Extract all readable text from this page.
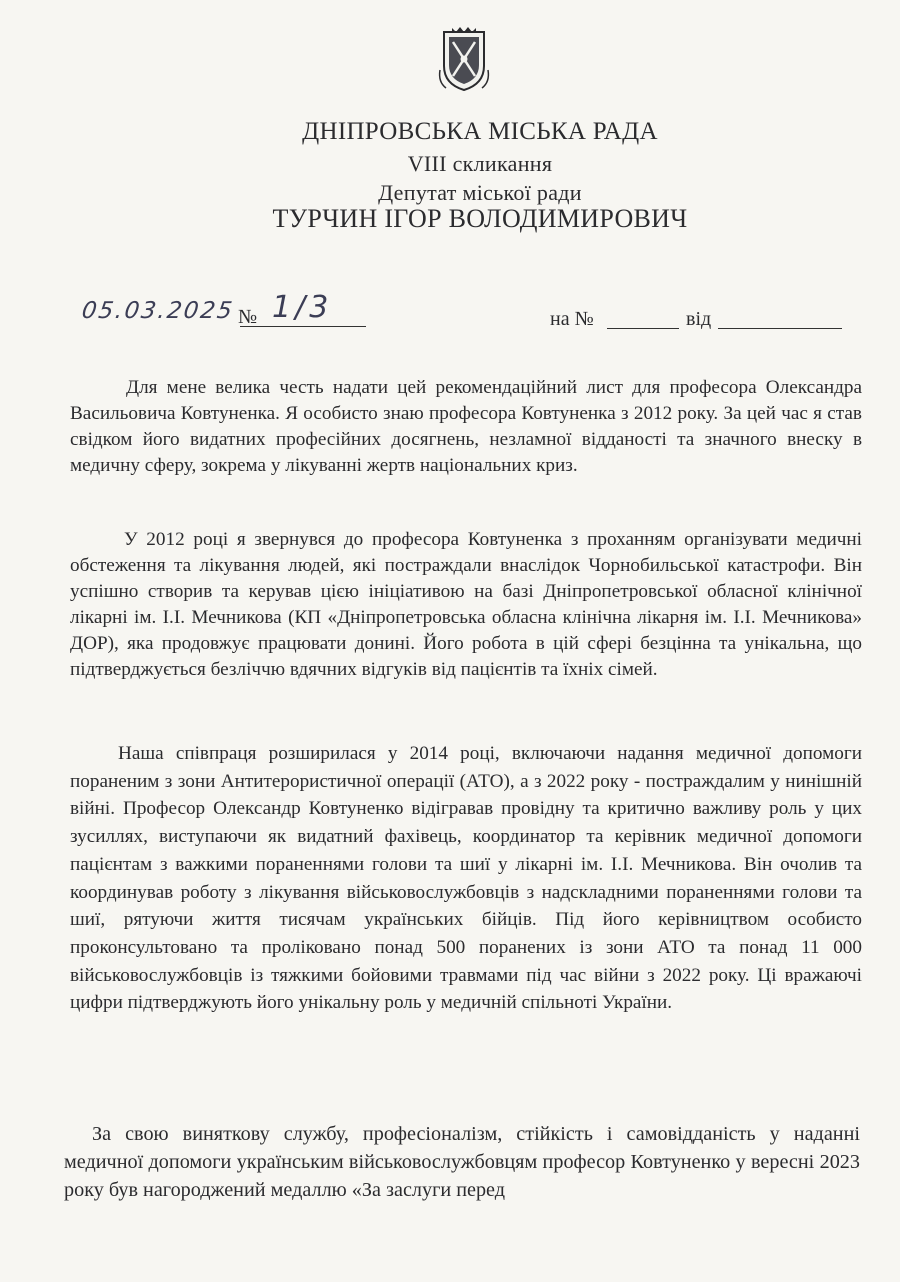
ДНІПРОВСЬКА МІСЬКА РАДА
VIII скликання
Депутат міської ради
ТУРЧИН ІГОР ВОЛОДИМИРОВИЧ
05.03.2025 № 1/3	на №	від

Для мене велика честь надати цей рекомендаційний лист для професора Олександра Васильовича Ковтуненка. Я особисто знаю професора Ковтуненка з 2012 року. За цей час я став свідком його видатних професійних досягнень, незламної відданості та значного внеску в медичну сферу, зокрема у лікуванні жертв національних криз.

У 2012 році я звернувся до професора Ковтуненка з проханням організувати медичні обстеження та лікування людей, які постраждали внаслідок Чорнобильської катастрофи. Він успішно створив та керував цією ініціативою на базі Дніпропетровської обласної клінічної лікарні ім. І.І. Мечникова (КП «Дніпропетровська обласна клінічна лікарня ім. І.І. Мечникова» ДОР), яка продовжує працювати донині. Його робота в цій сфері безцінна та унікальна, що підтверджується безліччю вдячних відгуків від пацієнтів та їхніх сімей.

Наша співпраця розширилася у 2014 році, включаючи надання медичної допомоги пораненим з зони Антитерористичної операції (АТО), а з 2022 року - постраждалим у нинішній війні. Професор Олександр Ковтуненко відігравав провідну та критично важливу роль у цих зусиллях, виступаючи як видатний фахівець, координатор та керівник медичної допомоги пацієнтам з важкими пораненнями голови та шиї у лікарні ім. І.І. Мечникова. Він очолив та координував роботу з лікування військовослужбовців з надскладними пораненнями голови та шиї, рятуючи життя тисячам українських бійців. Під його керівництвом особисто проконсультовано та проліковано понад 500 поранених із зони АТО та понад 11 000 військовослужбовців із тяжкими бойовими травмами під час війни з 2022 року. Ці вражаючі цифри підтверджують його унікальну роль у медичній спільноті України.

За свою виняткову службу, професіоналізм, стійкість і самовідданість у наданні медичної допомоги українським військовослужбовцям професор Ковтуненко у вересні 2023 року був нагороджений медаллю «За заслуги перед
